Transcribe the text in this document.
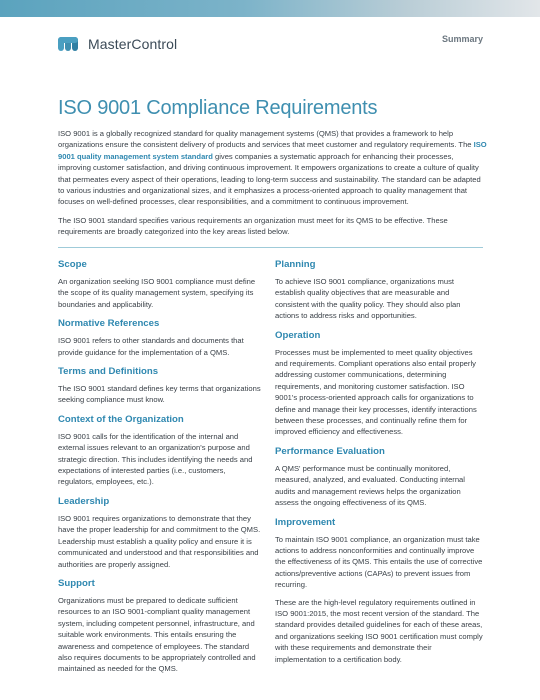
MasterControl	Summary
ISO 9001 Compliance Requirements

ISO 9001 is a globally recognized standard for quality management systems (QMS) that provides a framework to help organizations ensure the consistent delivery of products and services that meet customer and regulatory requirements. The ISO 9001 quality management system standard gives companies a systematic approach for enhancing their processes, improving customer satisfaction, and driving continuous improvement. It empowers organizations to create a culture of quality that permeates every aspect of their operations, leading to long-term success and sustainability. The standard can be adapted to various industries and organizational sizes, and it emphasizes a process-oriented approach to quality management that focuses on well-defined processes, clear responsibilities, and a commitment to continuous improvement.

The ISO 9001 standard specifies various requirements an organization must meet for its QMS to be effective. These requirements are broadly categorized into the key areas listed below.

Scope

An organization seeking ISO 9001 compliance must define the scope of its quality management system, specifying its boundaries and applicability.

Normative References

ISO 9001 refers to other standards and documents that provide guidance for the implementation of a QMS.

Terms and Definitions

The ISO 9001 standard defines key terms that organizations seeking compliance must know.

Context of the Organization

ISO 9001 calls for the identification of the internal and external issues relevant to an organization's purpose and strategic direction. This includes identifying the needs and expectations of interested parties (i.e., customers, regulators, employees, etc.).

Leadership

ISO 9001 requires organizations to demonstrate that they have the proper leadership for and commitment to the QMS. Leadership must establish a quality policy and ensure it is communicated and understood and that responsibilities and authorities are properly assigned.

Support

Organizations must be prepared to dedicate sufficient resources to an ISO 9001-compliant quality management system, including competent personnel, infrastructure, and suitable work environments. This entails ensuring the awareness and competence of employees. The standard also requires documents to be appropriately controlled and maintained as needed for the QMS.

Planning

To achieve ISO 9001 compliance, organizations must establish quality objectives that are measurable and consistent with the quality policy. They should also plan actions to address risks and opportunities.

Operation

Processes must be implemented to meet quality objectives and requirements. Compliant operations also entail properly addressing customer communications, determining requirements, and monitoring customer satisfaction. ISO 9001's process-oriented approach calls for organizations to define and manage their key processes, identify interactions between these processes, and continually refine them for improved efficiency and effectiveness.

Performance Evaluation

A QMS' performance must be continually monitored, measured, analyzed, and evaluated. Conducting internal audits and management reviews helps the organization assess the ongoing effectiveness of its QMS.

Improvement

To maintain ISO 9001 compliance, an organization must take actions to address nonconformities and continually improve the effectiveness of its QMS. This entails the use of corrective actions/preventive actions (CAPAs) to prevent issues from recurring.

These are the high-level regulatory requirements outlined in ISO 9001:2015, the most recent version of the standard. The standard provides detailed guidelines for each of these areas, and organizations seeking ISO 9001 certification must comply with these requirements and demonstrate their implementation to a certification body.
